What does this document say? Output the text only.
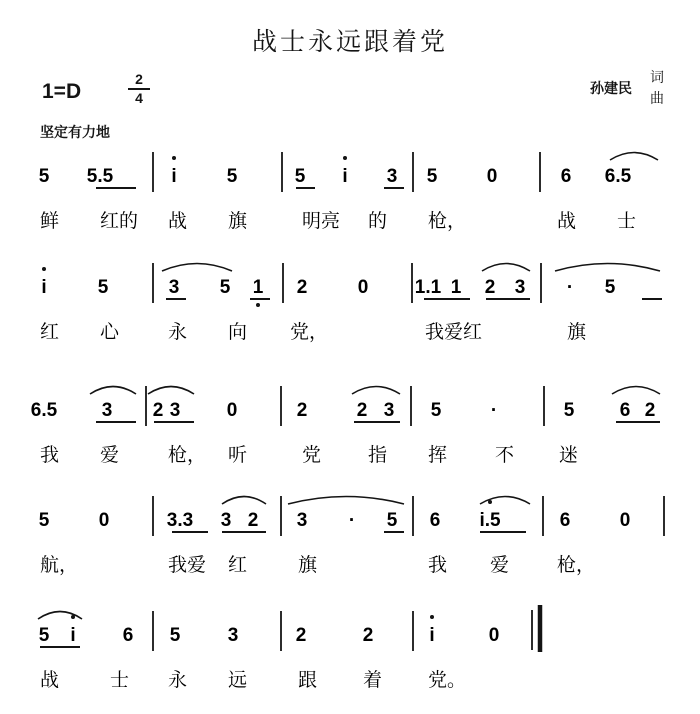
战士永远跟着党
1=D
2
4
坚定有力地
孙建民
词
曲
5 5.5	i	5	5 i 3 5	0	6 6.5
鲜 红的 战 旗	明亮 的 枪，	战 士
i	5	3 5 1 2	0 1.1 1 2 3 · 5
红 心	永 向 党，	我爱红	旗
6.5 3 2 3 0	2	2 3 5	·	5 6 2
我 爱	枪， 听	党 指 挥	不 迷
5	0	3.3 3 2 3 · 5 6 i.5	6	0
航，	我爱 红	旗	我 爱	枪，
5 i 6 5 3	2	2	i	0
战	士 永 远	跟 着 党。
